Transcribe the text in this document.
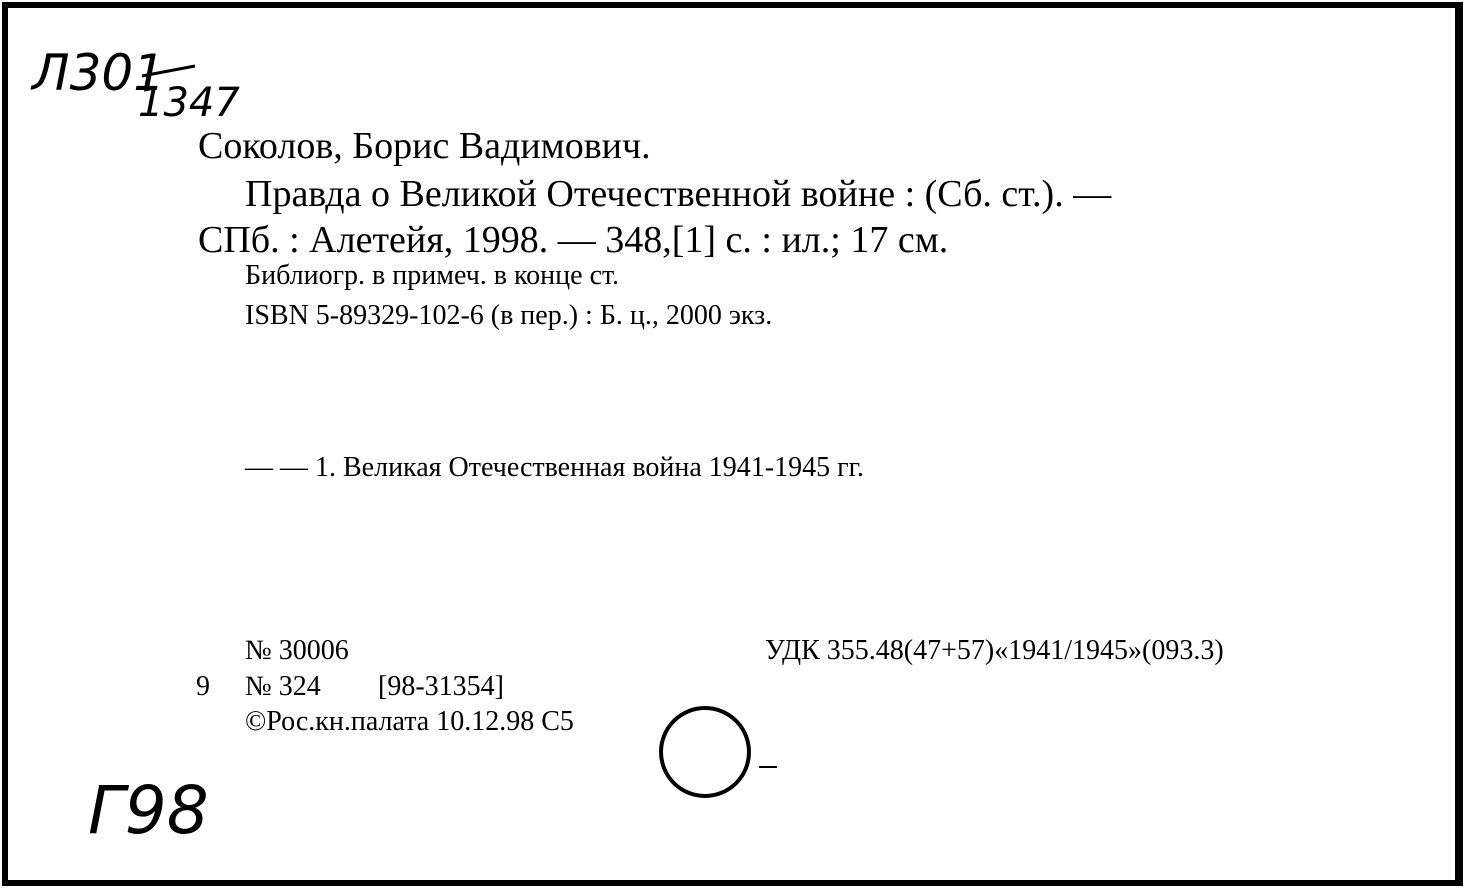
Л301
1347
Соколов, Борис Вадимович.
Правда о Великой Отечественной войне : (Сб. ст.). —
СПб. : Алетейя, 1998. — 348,[1] с. : ил.; 17 см.
Библиогр. в примеч. в конце ст.
ISBN 5-89329-102-6 (в пер.) : Б. ц., 2000 экз.
— — 1. Великая Отечественная война 1941-1945 гг.
№ 30006	УДК 355.48(47+57)«1941/1945»(093.3)
9 № 324 [98-31354]
©Рос.кн.палата 10.12.98 С5
Г98
